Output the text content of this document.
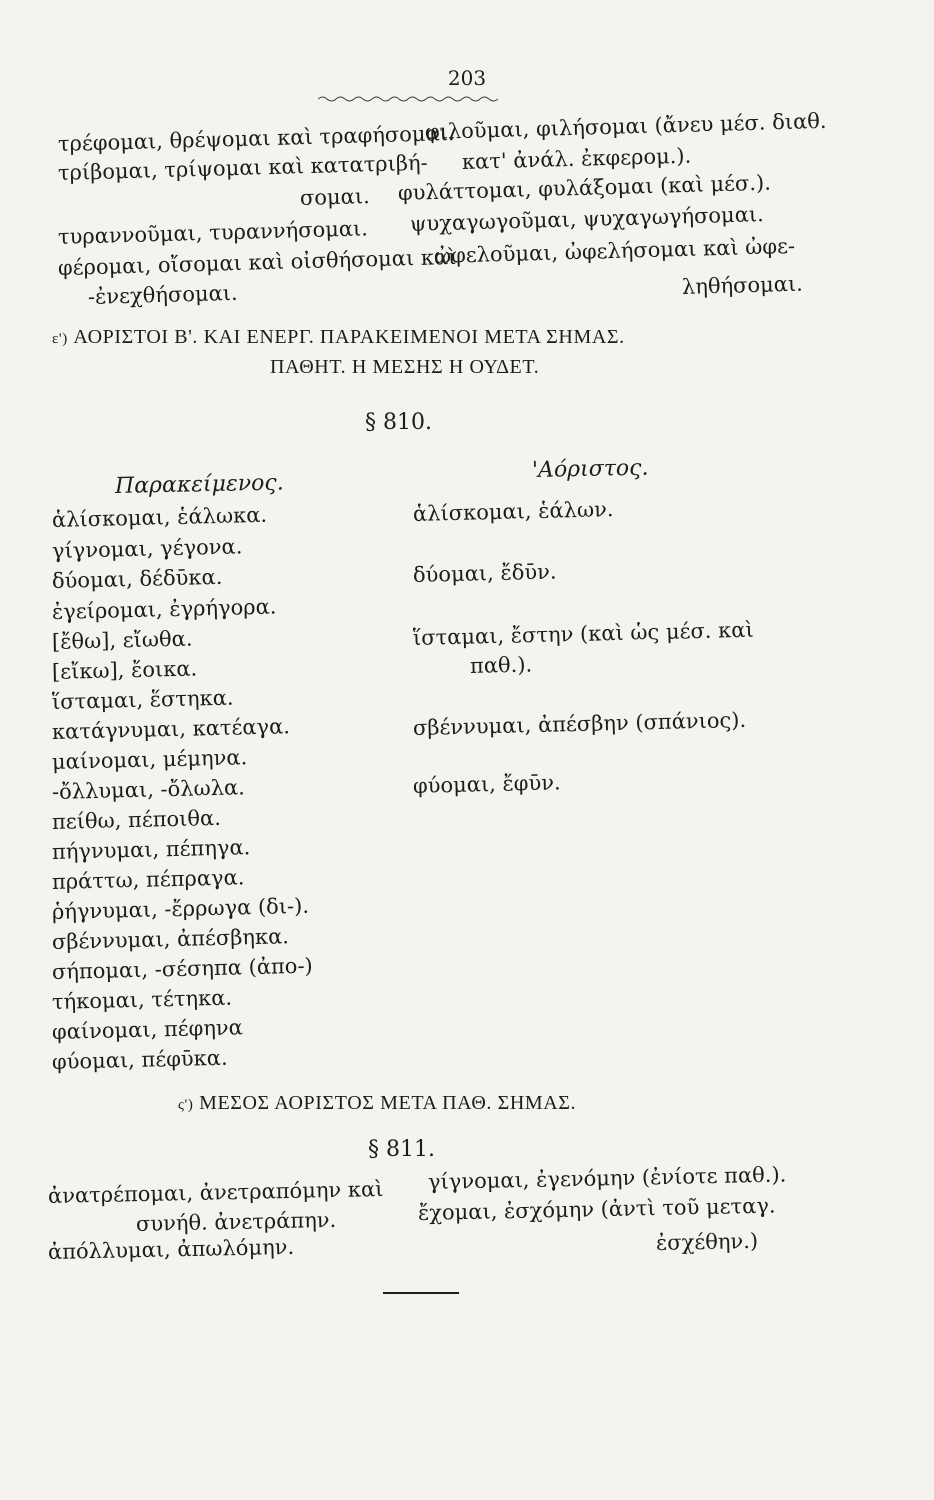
203
τρέφομαι, θρέψομαι καὶ τραφήσομαι.
τρίβομαι, τρίψομαι καὶ κατατριβή-
σομαι.
τυραννοῦμαι, τυραννήσομαι.
φέρομαι, οἴσομαι καὶ οἰσθήσομαι καὶ
-ἐνεχθήσομαι.
φιλοῦμαι, φιλήσομαι (ἄνευ μέσ. διαθ.
κατ' ἀνάλ. ἐκφερομ.).
φυλάττομαι, φυλάξομαι (καὶ μέσ.).
ψυχαγωγοῦμαι, ψυχαγωγήσομαι.
ὠφελοῦμαι, ὠφελήσομαι καὶ ὠφε-
ληθήσομαι.
ε') ΑΟΡΙΣΤΟΙ Β'. ΚΑΙ ΕΝΕΡΓ. ΠΑΡΑΚΕΙΜΕΝΟΙ ΜΕΤΑ ΣΗΜΑΣ.
ΠΑΘΗΤ. Η ΜΕΣΗΣ Η ΟΥΔΕΤ.
§ 810.
Παρακείμενος.
'Αόριστος.
ἁλίσκομαι, ἑάλωκα.
γίγνομαι, γέγονα.
δύομαι, δέδῡκα.
ἐγείρομαι, ἐγρήγορα.
[ἔθω], εἴωθα.
[εἴκω], ἔοικα.
ἵσταμαι, ἕστηκα.
κατάγνυμαι, κατέαγα.
μαίνομαι, μέμηνα.
-ὄλλυμαι, -ὄλωλα.
πείθω, πέποιθα.
πήγνυμαι, πέπηγα.
πράττω, πέπραγα.
ῥήγνυμαι, -ἔρρωγα (δι-).
σβέννυμαι, ἀπέσβηκα.
σήπομαι, -σέσηπα (ἀπο-)
τήκομαι, τέτηκα.
φαίνομαι, πέφηνα
φύομαι, πέφῡκα.
ἁλίσκομαι, ἑάλων.
δύομαι, ἔδῡν.
ἵσταμαι, ἔστην (καὶ ὡς μέσ. καὶ
παθ.).
σβέννυμαι, ἀπέσβην (σπάνιος).
φύομαι, ἔφῡν.
ς') ΜΕΣΟΣ ΑΟΡΙΣΤΟΣ ΜΕΤΑ ΠΑΘ. ΣΗΜΑΣ.
§ 811.
ἀνατρέπομαι, ἀνετραπόμην καὶ
συνήθ. ἀνετράπην.
ἀπόλλυμαι, ἀπωλόμην.
γίγνομαι, ἐγενόμην (ἐνίοτε παθ.).
ἔχομαι, ἐσχόμην (ἀντὶ τοῦ μεταγ.
ἐσχέθην.)
